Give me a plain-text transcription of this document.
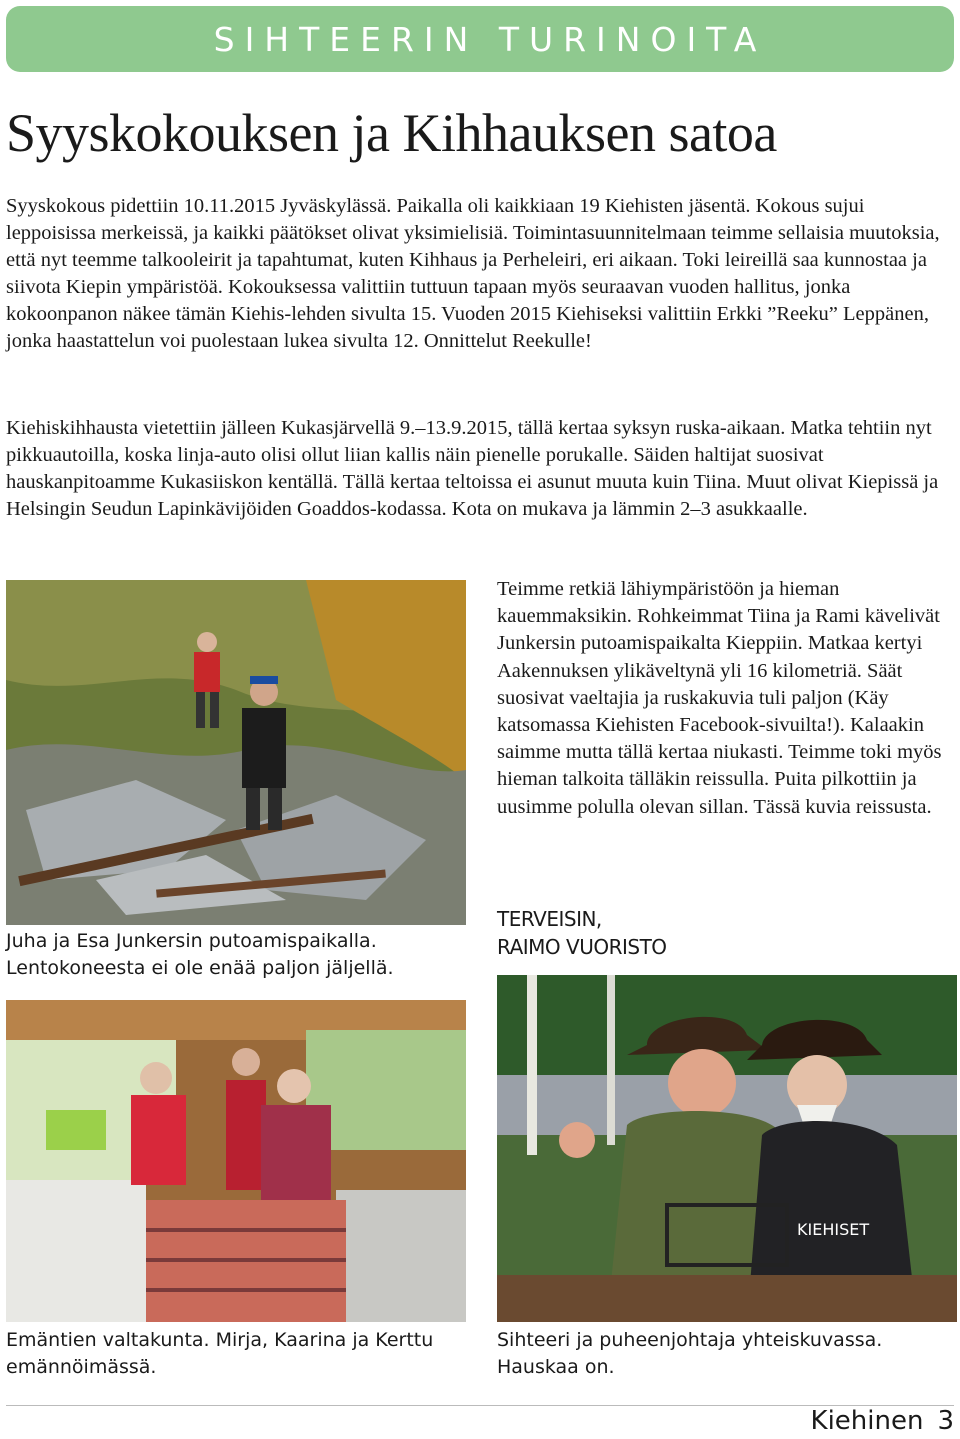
SIHTEERIN TURINOITA
Syyskokouksen ja Kihhauksen satoa

Syyskokous pidettiin 10.11.2015 Jyväskylässä. Paikalla oli kaikkiaan 19 Kiehisten jäsentä. Kokous sujui leppoisissa merkeissä, ja kaikki päätökset olivat yksimielisiä. Toimintasuunnitelmaan teimme sellaisia muutoksia, että nyt teemme talkooleirit ja tapahtumat, kuten Kihhaus ja Perheleiri, eri aikaan. Toki leireillä saa kunnostaa ja siivota Kiepin ympäristöä. Kokouksessa valittiin tuttuun tapaan myös seuraavan vuoden hallitus, jonka kokoonpanon näkee tämän Kiehis-lehden sivulta 15. Vuoden 2015 Kiehiseksi valittiin Erkki ”Reeku” Leppänen, jonka haastattelun voi puolestaan lukea sivulta 12. Onnittelut Reekulle!

Kiehiskihhausta vietettiin jälleen Kukasjärvellä 9.–13.9.2015, tällä kertaa syksyn ruska-aikaan. Matka tehtiin nyt pikkuautoilla, koska linja-auto olisi ollut liian kallis näin pienelle porukalle. Säiden haltijat suosivat hauskanpitoamme Kukasiiskon kentällä. Tällä kertaa teltoissa ei asunut muuta kuin Tiina. Muut olivat Kiepissä ja Helsingin Seudun Lapinkävijöiden Goaddos-kodassa. Kota on mukava ja lämmin 2–3 asukkaalle.

Juha ja Esa Junkersin putoamispaikalla. Lentokoneesta ei ole enää paljon jäljellä.

Teimme retkiä lähiympäristöön ja hieman kauemmaksikin. Rohkeimmat Tiina ja Rami kävelivät Junkersin putoamispaikalta Kieppiin. Matkaa kertyi Aakennuksen ylikäveltynä yli 16 kilometriä. Säät suosivat vaeltajia ja ruskakuvia tuli paljon (Käy katsomassa Kiehisten Facebook-sivuilta!). Kalaakin saimme mutta tällä kertaa niukasti. Teimme toki myös hieman talkoita tälläkin reissulla. Puita pilkottiin ja uusimme polulla olevan sillan. Tässä kuvia reissusta.

TERVEISIN,
RAIMO VUORISTO
Emäntien valtakunta. Mirja, Kaarina ja Kerttu emännöimässä.
KIEHISET
Sihteeri ja puheenjohtaja yhteiskuvassa. Hauskaa on.
Kiehinen 3
